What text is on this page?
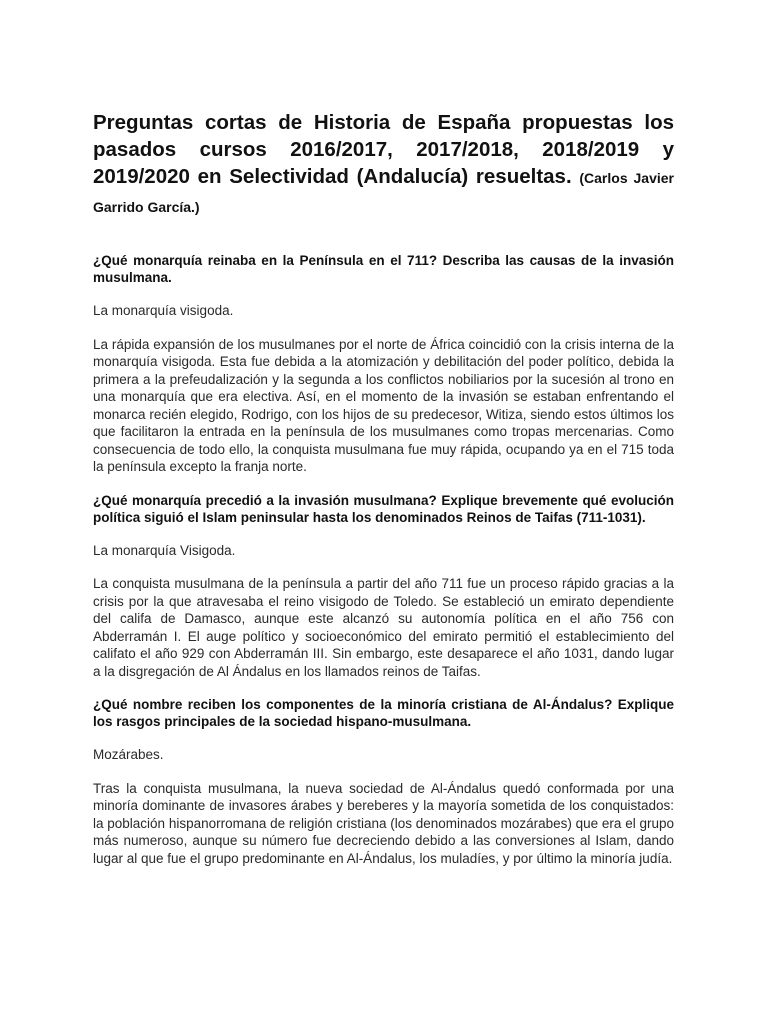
Preguntas cortas de Historia de España propuestas los pasados cursos 2016/2017, 2017/2018, 2018/2019 y 2019/2020 en Selectividad (Andalucía) resueltas. (Carlos Javier Garrido García.)

¿Qué monarquía reinaba en la Península en el 711? Describa las causas de la invasión musulmana.

La monarquía visigoda.

La rápida expansión de los musulmanes por el norte de África coincidió con la crisis interna de la monarquía visigoda. Esta fue debida a la atomización y debilitación del poder político, debida la primera a la prefeudalización y la segunda a los conflictos nobiliarios por la sucesión al trono en una monarquía que era electiva. Así, en el momento de la invasión se estaban enfrentando el monarca recién elegido, Rodrigo, con los hijos de su predecesor, Witiza, siendo estos últimos los que facilitaron la entrada en la península de los musulmanes como tropas mercenarias. Como consecuencia de todo ello, la conquista musulmana fue muy rápida, ocupando ya en el 715 toda la península excepto la franja norte.

¿Qué monarquía precedió a la invasión musulmana? Explique brevemente qué evolución política siguió el Islam peninsular hasta los denominados Reinos de Taifas (711-1031).

La monarquía Visigoda.

La conquista musulmana de la península a partir del año 711 fue un proceso rápido gracias a la crisis por la que atravesaba el reino visigodo de Toledo. Se estableció un emirato dependiente del califa de Damasco, aunque este alcanzó su autonomía política en el año 756 con Abderramán I. El auge político y socioeconómico del emirato permitió el establecimiento del califato el año 929 con Abderramán III. Sin embargo, este desaparece el año 1031, dando lugar a la disgregación de Al Ándalus en los llamados reinos de Taifas.

¿Qué nombre reciben los componentes de la minoría cristiana de Al-Ándalus? Explique los rasgos principales de la sociedad hispano-musulmana.

Mozárabes.

Tras la conquista musulmana, la nueva sociedad de Al-Ándalus quedó conformada por una minoría dominante de invasores árabes y bereberes y la mayoría sometida de los conquistados: la población hispanorromana de religión cristiana (los denominados mozárabes) que era el grupo más numeroso, aunque su número fue decreciendo debido a las conversiones al Islam, dando lugar al que fue el grupo predominante en Al-Ándalus, los muladíes, y por último la minoría judía.
